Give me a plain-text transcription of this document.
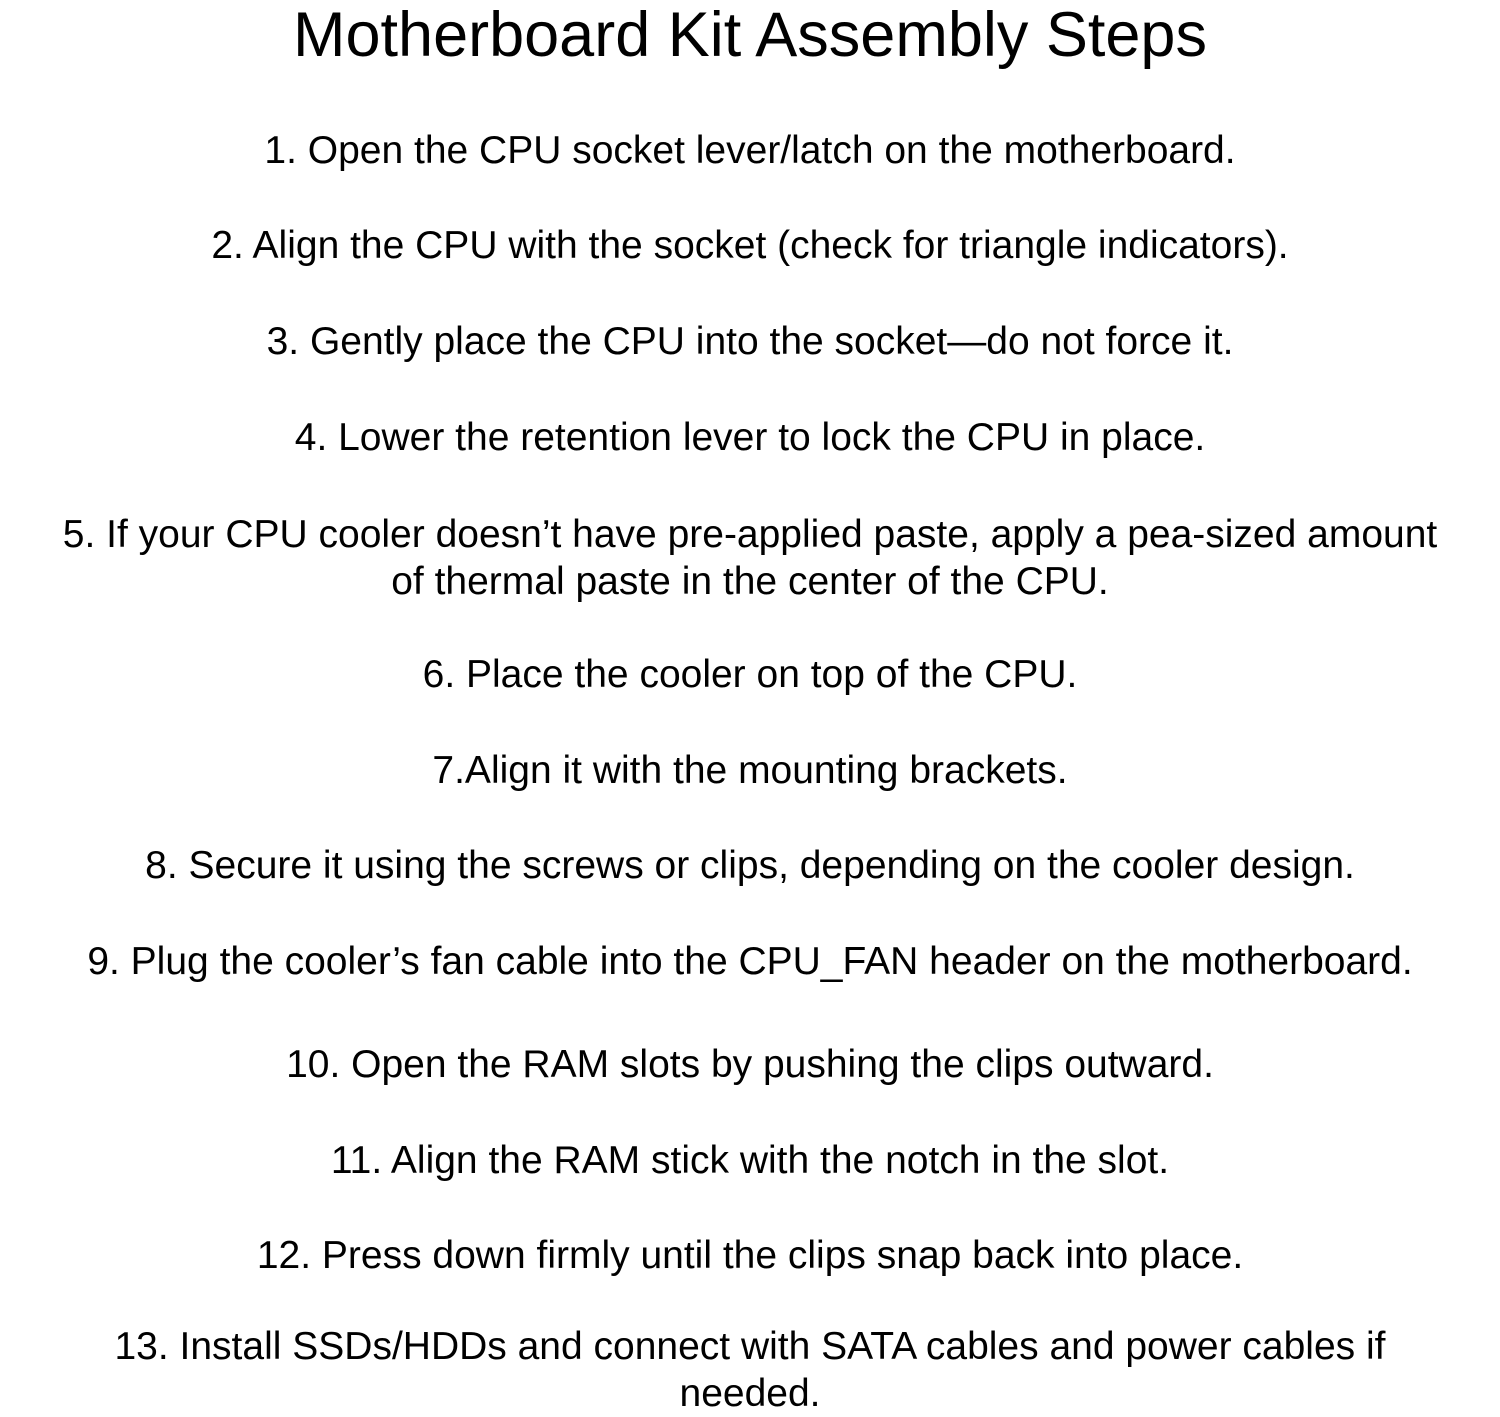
Motherboard Kit Assembly Steps

1. Open the CPU socket lever/latch on the motherboard.

2. Align the CPU with the socket (check for triangle indicators).

3. Gently place the CPU into the socket—do not force it.

4. Lower the retention lever to lock the CPU in place.

5. If your CPU cooler doesn’t have pre-applied paste, apply a pea-sized amount
of thermal paste in the center of the CPU.

6. Place the cooler on top of the CPU.

7.Align it with the mounting brackets.

8. Secure it using the screws or clips, depending on the cooler design.

9. Plug the cooler’s fan cable into the CPU_FAN header on the motherboard.

10. Open the RAM slots by pushing the clips outward.

11. Align the RAM stick with the notch in the slot.

12. Press down firmly until the clips snap back into place.

13. Install SSDs/HDDs and connect with SATA cables and power cables if
needed.
